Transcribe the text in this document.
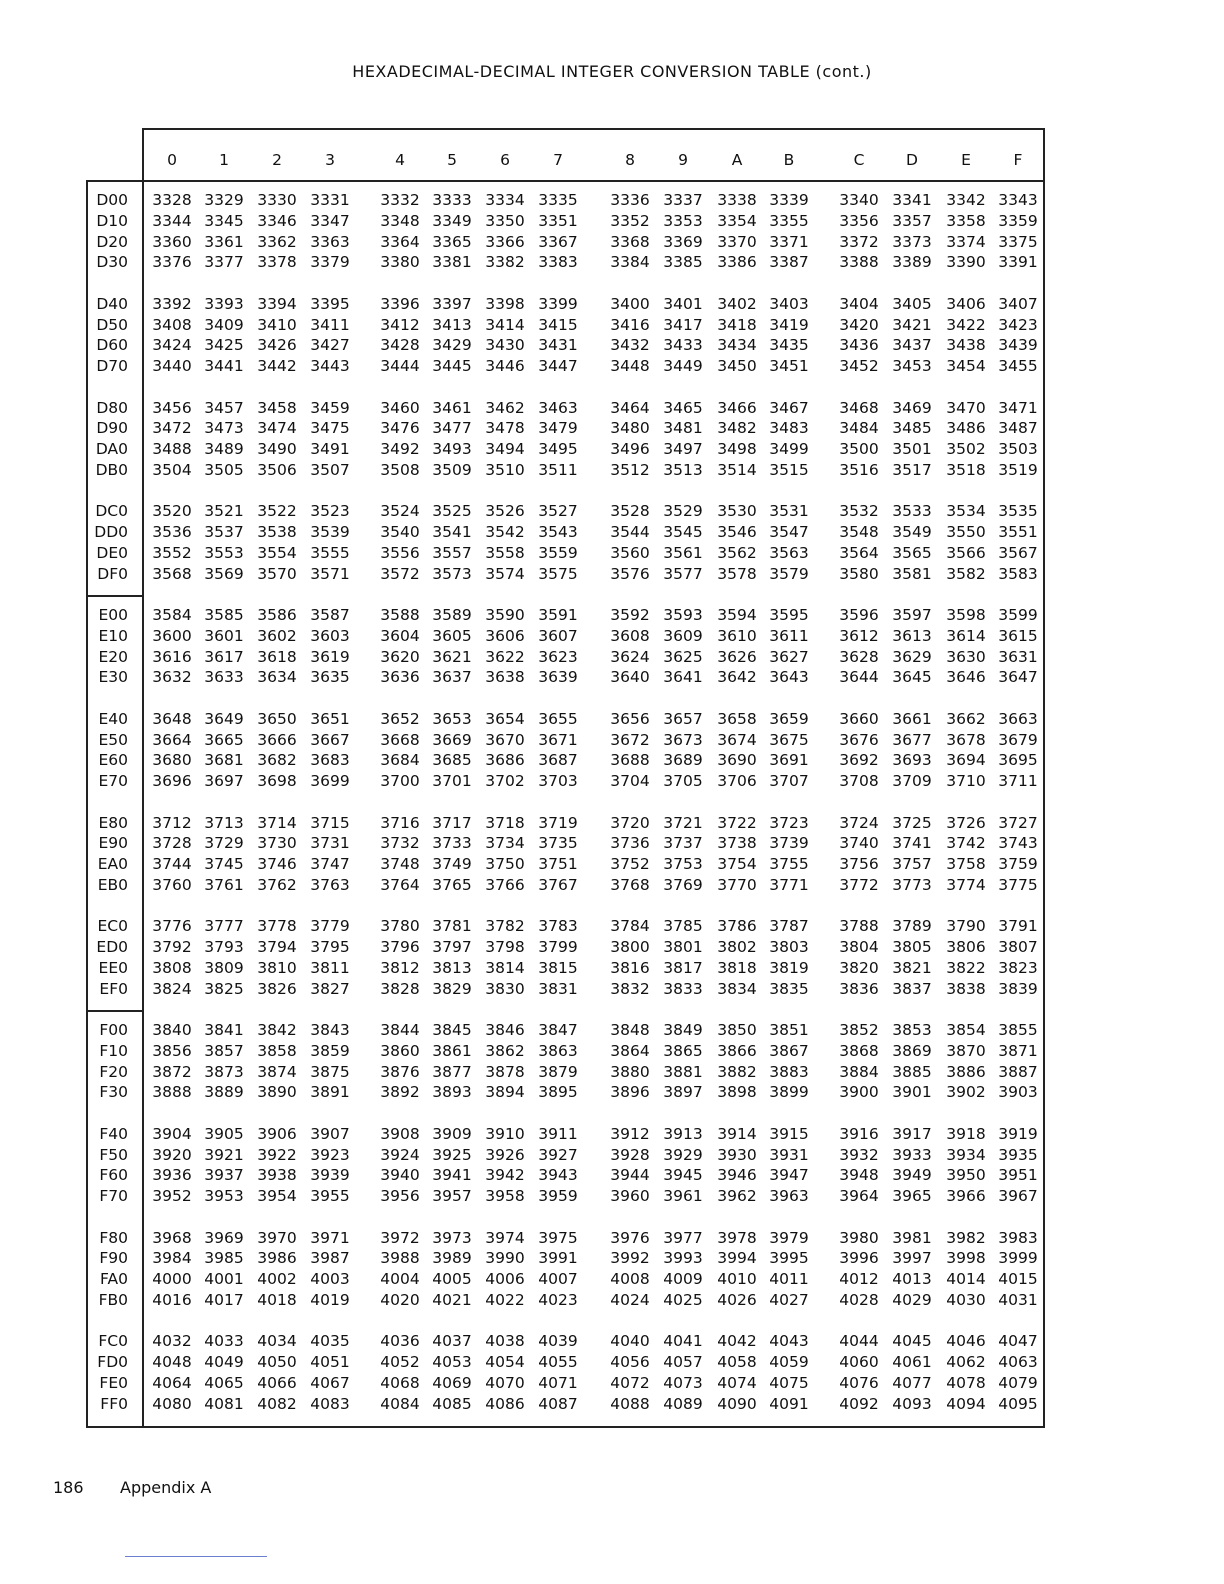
HEXADECIMAL-DECIMAL INTEGER CONVERSION TABLE (cont.)
0	1	2	3	4	5	6	7	8	9	A	B	C	D	E	F
D00	3328 3329 3330 3331	3332 3333 3334 3335	3336 3337 3338 3339	3340 3341 3342 3343
D10	3344 3345 3346 3347	3348 3349 3350 3351	3352 3353 3354 3355	3356 3357 3358 3359
D20	3360 3361 3362 3363	3364 3365 3366 3367	3368 3369 3370 3371	3372 3373 3374 3375
D30	3376 3377 3378 3379	3380 3381 3382 3383	3384 3385 3386 3387	3388 3389 3390 3391
D40	3392 3393 3394 3395	3396 3397 3398 3399	3400 3401 3402 3403	3404 3405 3406 3407
D50	3408 3409 3410 3411	3412 3413 3414 3415	3416 3417 3418 3419	3420 3421 3422 3423
D60	3424 3425 3426 3427	3428 3429 3430 3431	3432 3433 3434 3435	3436 3437 3438 3439
D70	3440 3441 3442 3443	3444 3445 3446 3447	3448 3449 3450 3451	3452 3453 3454 3455
D80	3456 3457 3458 3459	3460 3461 3462 3463	3464 3465 3466 3467	3468 3469 3470 3471
D90	3472 3473 3474 3475	3476 3477 3478 3479	3480 3481 3482 3483	3484 3485 3486 3487
DA0	3488 3489 3490 3491	3492 3493 3494 3495	3496 3497 3498 3499	3500 3501 3502 3503
DB0	3504 3505 3506 3507	3508 3509 3510 3511	3512 3513 3514 3515	3516 3517 3518 3519
DC0	3520 3521 3522 3523	3524 3525 3526 3527	3528 3529 3530 3531	3532 3533 3534 3535
DD0	3536 3537 3538 3539	3540 3541 3542 3543	3544 3545 3546 3547	3548 3549 3550 3551
DE0	3552 3553 3554 3555	3556 3557 3558 3559	3560 3561 3562 3563	3564 3565 3566 3567
DF0	3568 3569 3570 3571	3572 3573 3574 3575	3576 3577 3578 3579	3580 3581 3582 3583
E00	3584 3585 3586 3587	3588 3589 3590 3591	3592 3593 3594 3595	3596 3597 3598 3599
E10	3600 3601 3602 3603	3604 3605 3606 3607	3608 3609 3610 3611	3612 3613 3614 3615
E20	3616 3617 3618 3619	3620 3621 3622 3623	3624 3625 3626 3627	3628 3629 3630 3631
E30	3632 3633 3634 3635	3636 3637 3638 3639	3640 3641 3642 3643	3644 3645 3646 3647
E40	3648 3649 3650 3651	3652 3653 3654 3655	3656 3657 3658 3659	3660 3661 3662 3663
E50	3664 3665 3666 3667	3668 3669 3670 3671	3672 3673 3674 3675	3676 3677 3678 3679
E60	3680 3681 3682 3683	3684 3685 3686 3687	3688 3689 3690 3691	3692 3693 3694 3695
E70	3696 3697 3698 3699	3700 3701 3702 3703	3704 3705 3706 3707	3708 3709 3710 3711
E80	3712 3713 3714 3715	3716 3717 3718 3719	3720 3721 3722 3723	3724 3725 3726 3727
E90	3728 3729 3730 3731	3732 3733 3734 3735	3736 3737 3738 3739	3740 3741 3742 3743
EA0	3744 3745 3746 3747	3748 3749 3750 3751	3752 3753 3754 3755	3756 3757 3758 3759
EB0	3760 3761 3762 3763	3764 3765 3766 3767	3768 3769 3770 3771	3772 3773 3774 3775
EC0	3776 3777 3778 3779	3780 3781 3782 3783	3784 3785 3786 3787	3788 3789 3790 3791
ED0	3792 3793 3794 3795	3796 3797 3798 3799	3800 3801 3802 3803	3804 3805 3806 3807
EE0	3808 3809 3810 3811	3812 3813 3814 3815	3816 3817 3818 3819	3820 3821 3822 3823
EF0	3824 3825 3826 3827	3828 3829 3830 3831	3832 3833 3834 3835	3836 3837 3838 3839
F00	3840 3841 3842 3843	3844 3845 3846 3847	3848 3849 3850 3851	3852 3853 3854 3855
F10	3856 3857 3858 3859	3860 3861 3862 3863	3864 3865 3866 3867	3868 3869 3870 3871
F20	3872 3873 3874 3875	3876 3877 3878 3879	3880 3881 3882 3883	3884 3885 3886 3887
F30	3888 3889 3890 3891	3892 3893 3894 3895	3896 3897 3898 3899	3900 3901 3902 3903
F40	3904 3905 3906 3907	3908 3909 3910 3911	3912 3913 3914 3915	3916 3917 3918 3919
F50	3920 3921 3922 3923	3924 3925 3926 3927	3928 3929 3930 3931	3932 3933 3934 3935
F60	3936 3937 3938 3939	3940 3941 3942 3943	3944 3945 3946 3947	3948 3949 3950 3951
F70	3952 3953 3954 3955	3956 3957 3958 3959	3960 3961 3962 3963	3964 3965 3966 3967
F80	3968 3969 3970 3971	3972 3973 3974 3975	3976 3977 3978 3979	3980 3981 3982 3983
F90	3984 3985 3986 3987	3988 3989 3990 3991	3992 3993 3994 3995	3996 3997 3998 3999
FA0	4000 4001 4002 4003	4004 4005 4006 4007	4008 4009 4010 4011	4012 4013 4014 4015
FB0	4016 4017 4018 4019	4020 4021 4022 4023	4024 4025 4026 4027	4028 4029 4030 4031
FC0	4032 4033 4034 4035	4036 4037 4038 4039	4040 4041 4042 4043	4044 4045 4046 4047
FD0	4048 4049 4050 4051	4052 4053 4054 4055	4056 4057 4058 4059	4060 4061 4062 4063
FE0	4064 4065 4066 4067	4068 4069 4070 4071	4072 4073 4074 4075	4076 4077 4078 4079
FF0	4080 4081 4082 4083	4084 4085 4086 4087	4088 4089 4090 4091	4092 4093 4094 4095
186 Appendix A
